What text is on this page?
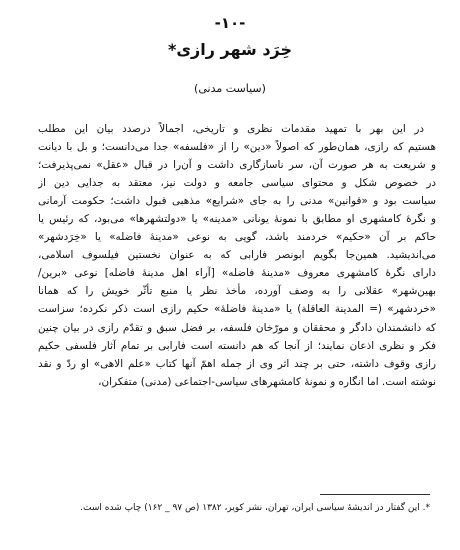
-۱۰-
خِرَد شهر رازی*
(سیاست مدنی)
در این بهر با تمهید مقدمات نظری و تاریخی، اجمالاً درصدد بیان این مطلب
هستیم که رازی، همان‌طور که اصولاً «دین» را از «فلسفه» جدا می‌دانست؛ و بل با دیانت
و شریعت به هر صورت آن، سر ناسازگاری داشت و آن‌را در قبال «عقل» نمی‌پذیرفت؛
در خصوص شکل و محتوای سیاسی جامعه و دولت نیز، معتقد به جدایی دین از
سیاست بود و «قوانین» مدنی را به جای «شرایع» مذهبی قبول داشت؛ حکومت آرمانی
و نگرهٔ کامشهری او مطابق با نمونهٔ یونانی «مدینه» یا «دولتشهرها» می‌بود، که رئیس یا
حاکم بر آن «حکیم» خردمند باشد، گویی به نوعی «مدینهٔ فاضله» یا «خِرَدشهر»
می‌اندیشید. همین‌جا بگویم ابونصر فارابی که به عنوان نخستین فیلسوف اسلامی،
دارای نگرهٔ کامشهری معروف «مدینهٔ فاضله» [آراء اهل مدینهٔ فاضله] نوعی «برین/
بهین‌شهر» عقلانی را به وصف آورده، مأخذ نظر یا منبع تأثّر خویش را که همانا
«خردشهر» (= المدینة العاقلة) یا «مدینهٔ فاضلهٔ» حکیم رازی است ذکر نکرده؛ سزاست
که دانشمندان دادگر و محققان و مورّخان فلسفه، بر فضل سبق و تقدّم رازی در بیان چنین
فکر و نظری اذعان نمایند؛ از آنجا که هم دانسته است فارابی بر تمام آثار فلسفی حکیم
رازی وقوف داشته، حتی بر چند اثر وی از جمله اهمّ آنها کتاب «علم الاهی» او ردّ و نقد
نوشته است. اما انگاره و نمونهٔ کامشهرهای سیاسی-اجتماعی (مدنی) متفکران،
*. این گفتار در اندیشهٔ سیاسی ایران، تهران، نشر کویر، ۱۳۸۲ (ص ۹۷ _ ۱۶۲) چاپ شده است.
